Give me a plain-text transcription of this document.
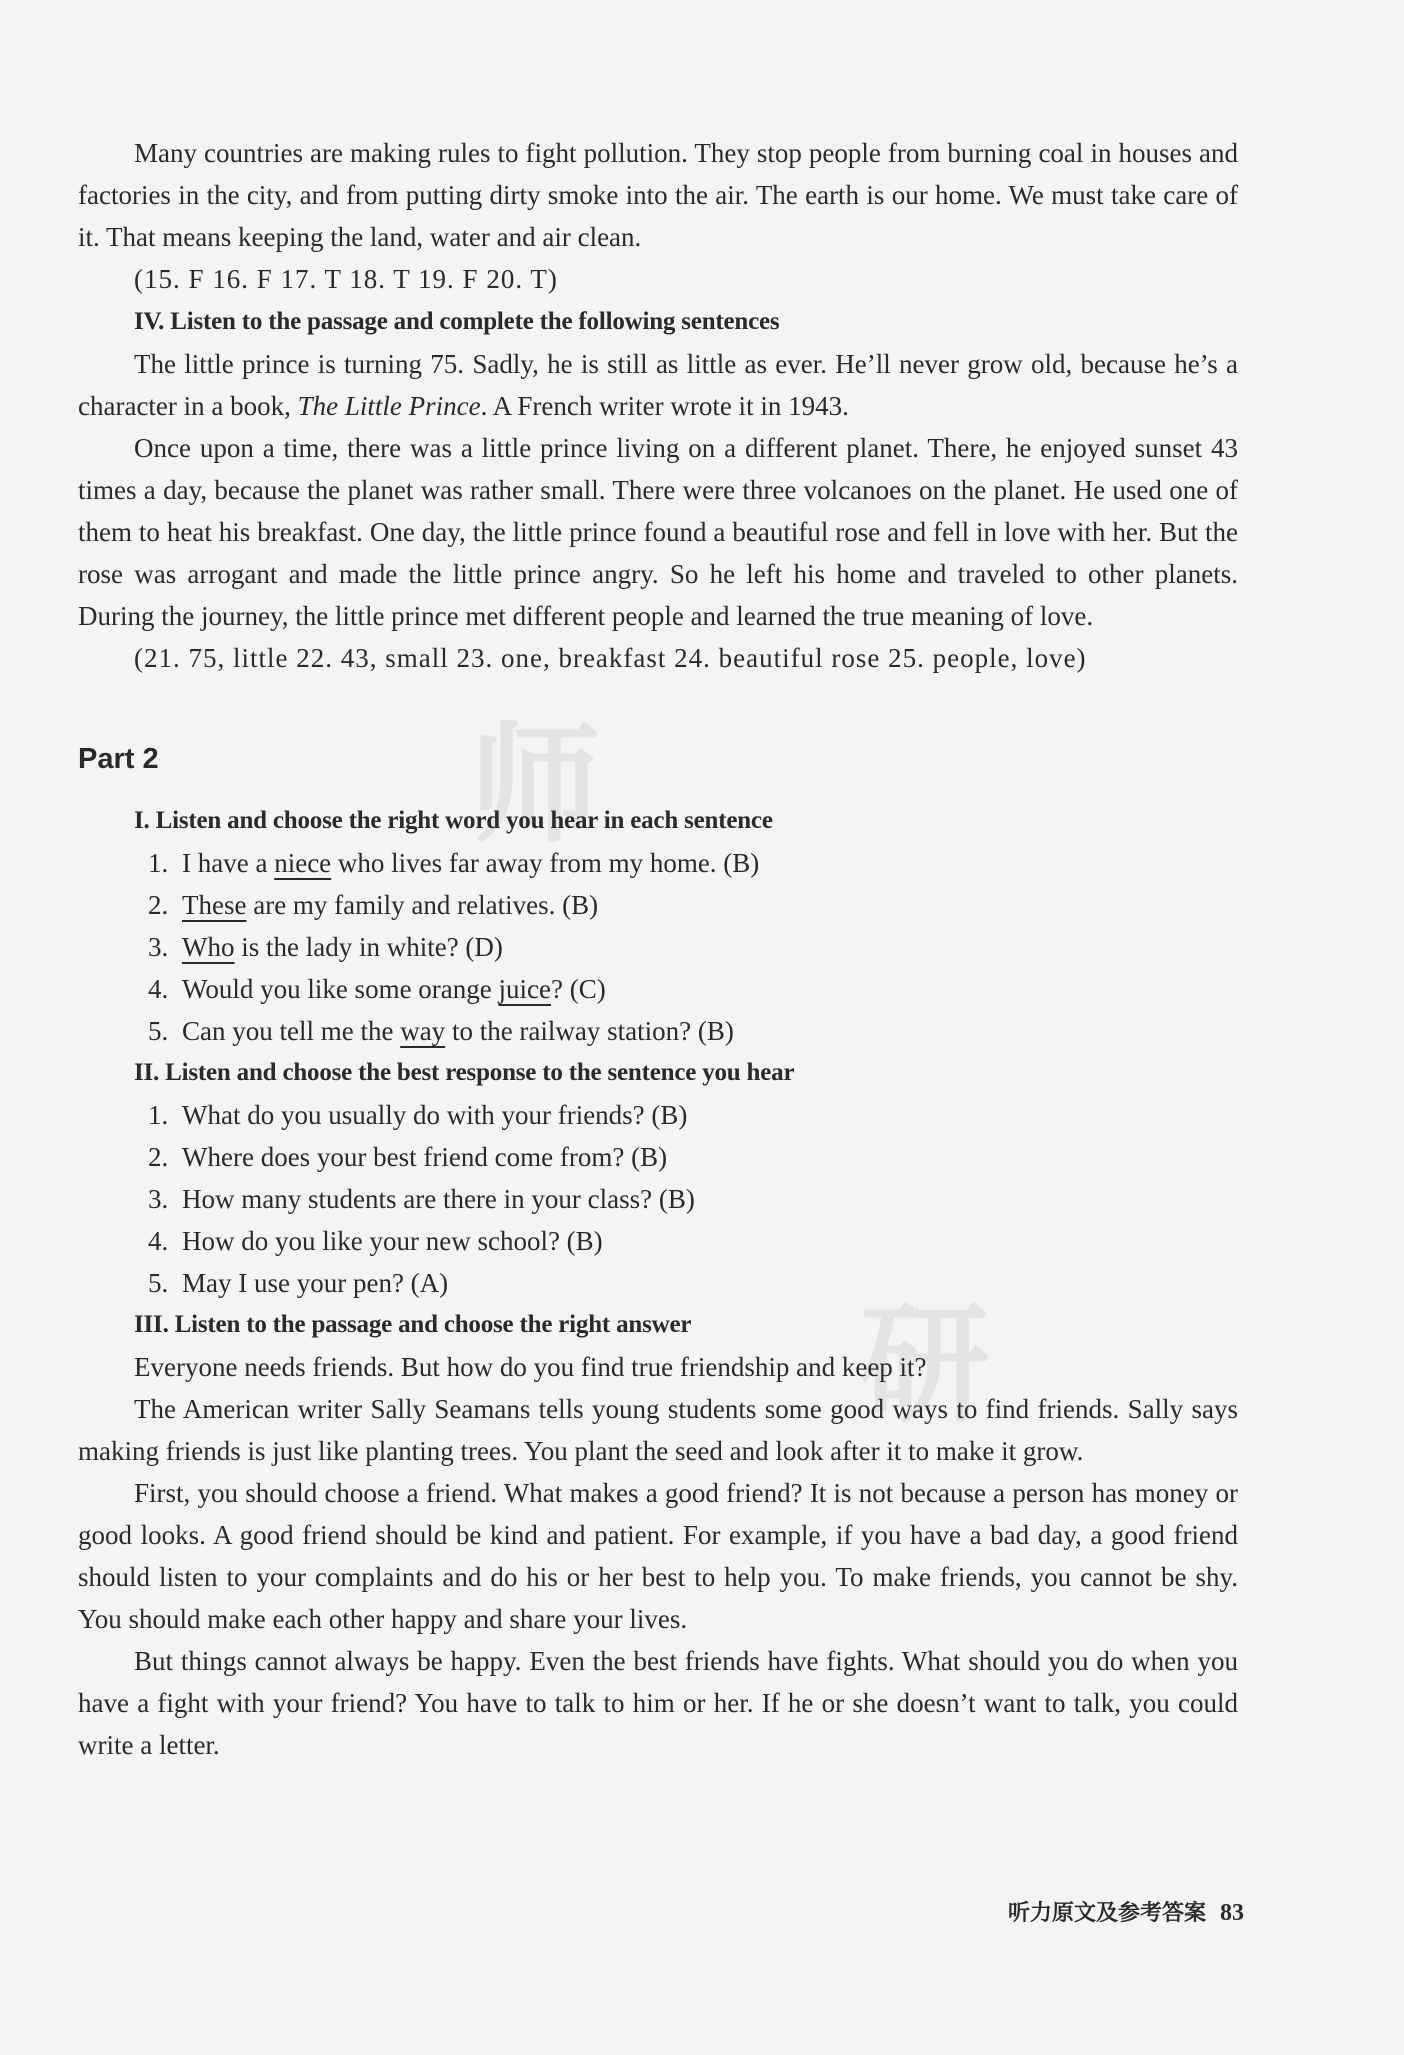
师
研

Many countries are making rules to fight pollution. They stop people from burning coal in houses and factories in the city, and from putting dirty smoke into the air. The earth is our home. We must take care of it. That means keeping the land, water and air clean.

(15. F 16. F 17. T 18. T 19. F 20. T)

IV. Listen to the passage and complete the following sentences

The little prince is turning 75. Sadly, he is still as little as ever. He’ll never grow old, because he’s a character in a book, The Little Prince. A French writer wrote it in 1943.

Once upon a time, there was a little prince living on a different planet. There, he enjoyed sunset 43 times a day, because the planet was rather small. There were three volcanoes on the planet. He used one of them to heat his breakfast. One day, the little prince found a beautiful rose and fell in love with her. But the rose was arrogant and made the little prince angry. So he left his home and traveled to other planets. During the journey, the little prince met different people and learned the true meaning of love.

(21. 75, little 22. 43, small 23. one, breakfast 24. beautiful rose 25. people, love)

Part 2

I. Listen and choose the right word you hear in each sentence

1. I have a niece who lives far away from my home. (B)

2. These are my family and relatives. (B)

3. Who is the lady in white? (D)

4. Would you like some orange juice? (C)

5. Can you tell me the way to the railway station? (B)

II. Listen and choose the best response to the sentence you hear

1. What do you usually do with your friends? (B)

2. Where does your best friend come from? (B)

3. How many students are there in your class? (B)

4. How do you like your new school? (B)

5. May I use your pen? (A)

III. Listen to the passage and choose the right answer

Everyone needs friends. But how do you find true friendship and keep it?

The American writer Sally Seamans tells young students some good ways to find friends. Sally says making friends is just like planting trees. You plant the seed and look after it to make it grow.

First, you should choose a friend. What makes a good friend? It is not because a person has money or good looks. A good friend should be kind and patient. For example, if you have a bad day, a good friend should listen to your complaints and do his or her best to help you. To make friends, you cannot be shy. You should make each other happy and share your lives.

But things cannot always be happy. Even the best friends have fights. What should you do when you have a fight with your friend? You have to talk to him or her. If he or she doesn’t want to talk, you could write a letter.

听力原文及参考答案 83
